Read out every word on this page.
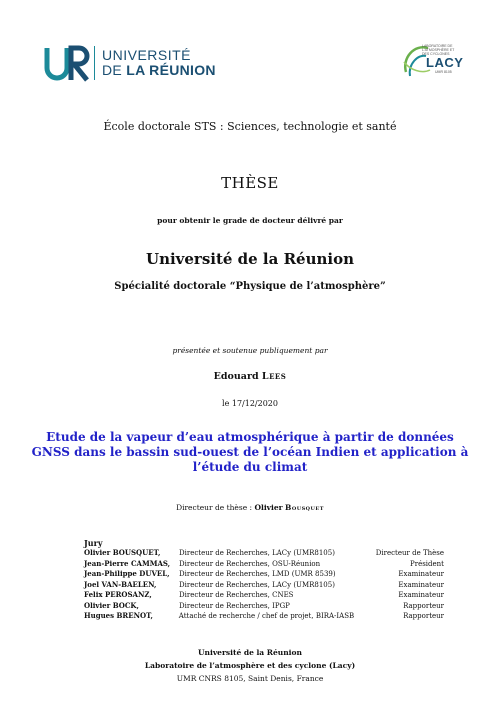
UNIVERSITÉ
DE LA RÉUNION
LABORATOIRE DE L'ATMOSPHÈRE ET DES CYCLONES
LACY
UMR 8105
École doctorale STS : Sciences, technologie et santé
THÈSE
pour obtenir le grade de docteur délivré par
Université de la Réunion
Spécialité doctorale “Physique de l’atmosphère”
présentée et soutenue publiquement par
Edouard Lees
le 17/12/2020
Etude de la vapeur d’eau atmosphérique à partir de données GNSS dans le bassin sud-ouest de l’océan Indien et application à l’étude du climat
Directeur de thèse : Olivier Bousquet
Jury
Olivier BOUSQUET,	Directeur de Recherches, LACy (UMR8105)	Directeur de Thèse
Jean-Pierre CAMMAS,	Directeur de Recherches, OSU-Réunion	Président
Jean-Philippe DUVEL,	Directeur de Recherches, LMD (UMR 8539)	Examinateur
Joel VAN-BAELEN,	Directeur de Recherches, LACy (UMR8105)	Examinateur
Felix PEROSANZ,	Directeur de Recherches, CNES	Examinateur
Olivier BOCK,	Directeur de Recherches, IPGP	Rapporteur
Hugues BRENOT,	Attaché de recherche / chef de projet, BIRA-IASB	Rapporteur
Université de la Réunion
Laboratoire de l’atmosphère et des cyclone (Lacy)
UMR CNRS 8105, Saint Denis, France
